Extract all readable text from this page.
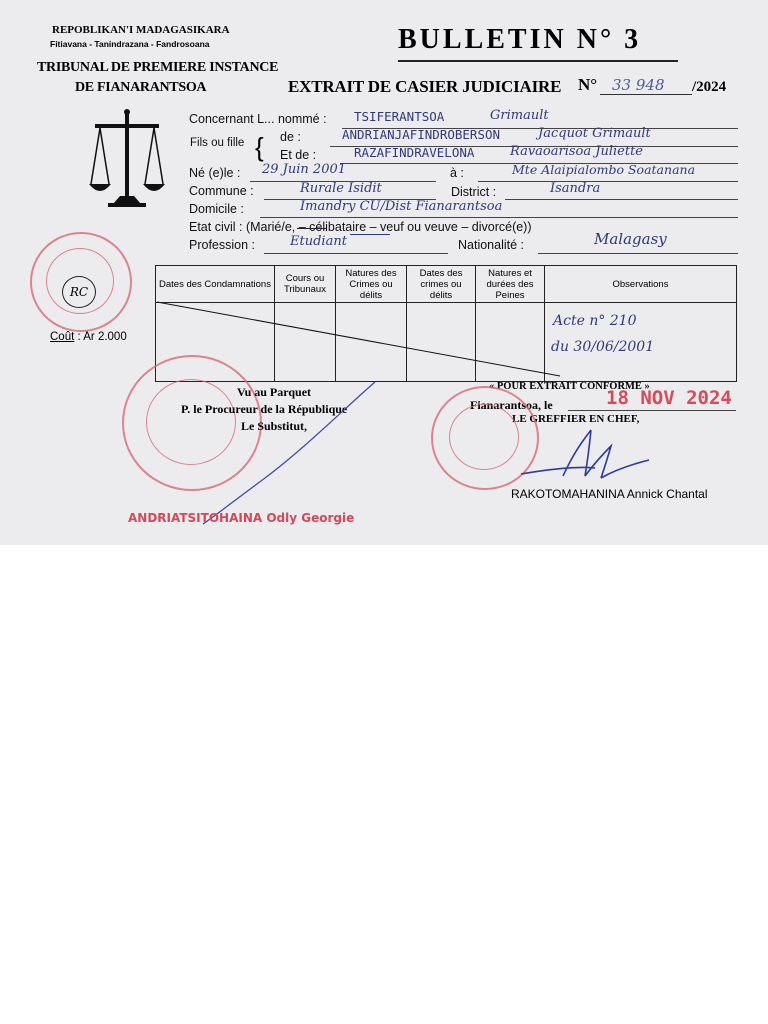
REPOBLIKAN'I MADAGASIKARA
Fitiavana - Tanindrazana - Fandrosoana
TRIBUNAL DE PREMIERE INSTANCE
DE FIANARANTSOA
BULLETIN N° 3
EXTRAIT DE CASIER JUDICIAIRE N° 33 948 /2024
Concernant L... nommé : TSIFERANTSOA	Grimault
Fils ou fille { de :	ANDRIANJAFINDROBERSON	Jacquot Grimault
Et de :	RAZAFINDRAVELONA	Ravaoarisoa Juliette
Né (e)le : 29 Juin 2001	à :	Mte Alaipialombo Soatanana
Commune :	Rurale Isidit	District :	Isandra
Domicile :	Imandry CU/Dist Fianarantsoa
Etat civil : (Marié/e, – célibataire – veuf ou veuve – divorcé(e))
Profession :	Etudiant	Nationalité :	Malagasy
Dates des Condamnations	Cours ou Tribunaux	Natures des Crimes ou délits	Dates des crimes ou délits	Natures et durées des Peines	Observations

					Acte n° 210
du 30/06/2001
RC
Coût : Ar 2.000
Vu au Parquet
P. le Procureur de la République
Le Substitut,
ANDRIATSITOHAINA Odly Georgie
« POUR EXTRAIT CONFORME »
Fianarantsoa, le	18 NOV 2024
LE GREFFIER EN CHEF,
RAKOTOMAHANINA Annick Chantal
